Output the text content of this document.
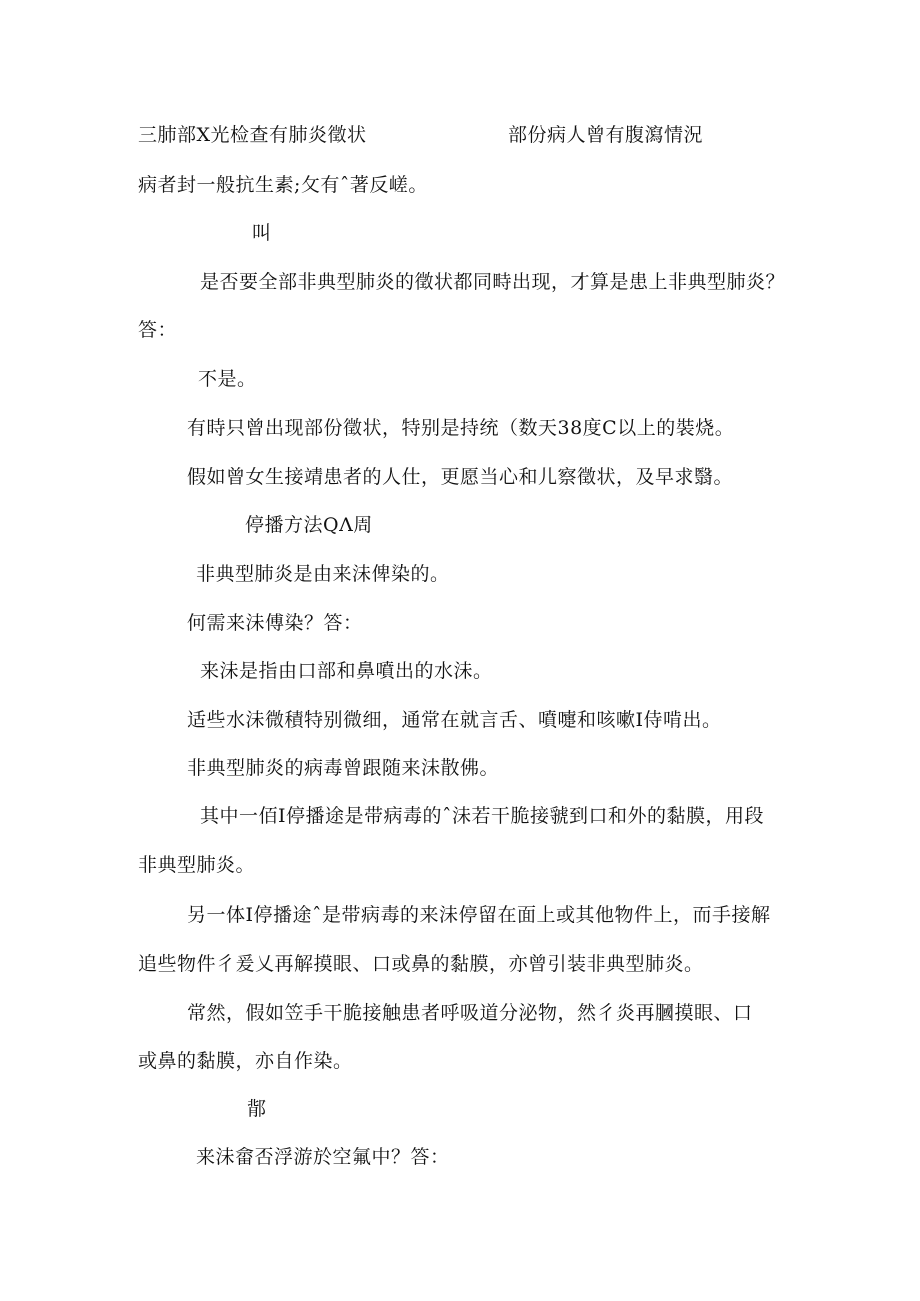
三肺部X光检查有肺炎徵状	部份病人曾有腹瀉情況
病者封一般抗生素;攵有ˆ著反嵯。
叫
是否要全部非典型肺炎的徵状都同畤出现，才算是患上非典型肺炎？
答：
不是。
有時只曾出现部份徵状，特别是持统（数天38度C以上的裝烧。
假如曾女生接靖患者的人仕，更愿当心和儿察徵状，及早求翳。
停播方法QΛ周
非典型肺炎是由来沬俾染的。
何需来沬傅染？答：
来沬是指由口部和鼻噴出的水沬。
适些水沬微積特别微细，通常在就言舌、噴嚏和咳嗽I侍啃出。
非典型肺炎的病毒曾跟随来沬散佛。
其中一佰I停播途是带病毒的ˆ沬若干脆接虢到口和外的黏膜，用段
非典型肺炎。
另一体I停播途ˆ是带病毒的来沬停留在面上或其他物件上，而手接解
追些物件彳爰乂再解摸眼、口或鼻的黏膜，亦曾引装非典型肺炎。
常然，假如笠手干脆接触患者呼吸道分泌物，然彳炎再膕摸眼、口
或鼻的黏膜，亦自作染。
鄁
来沬畲否浮游於空氟中？答：
